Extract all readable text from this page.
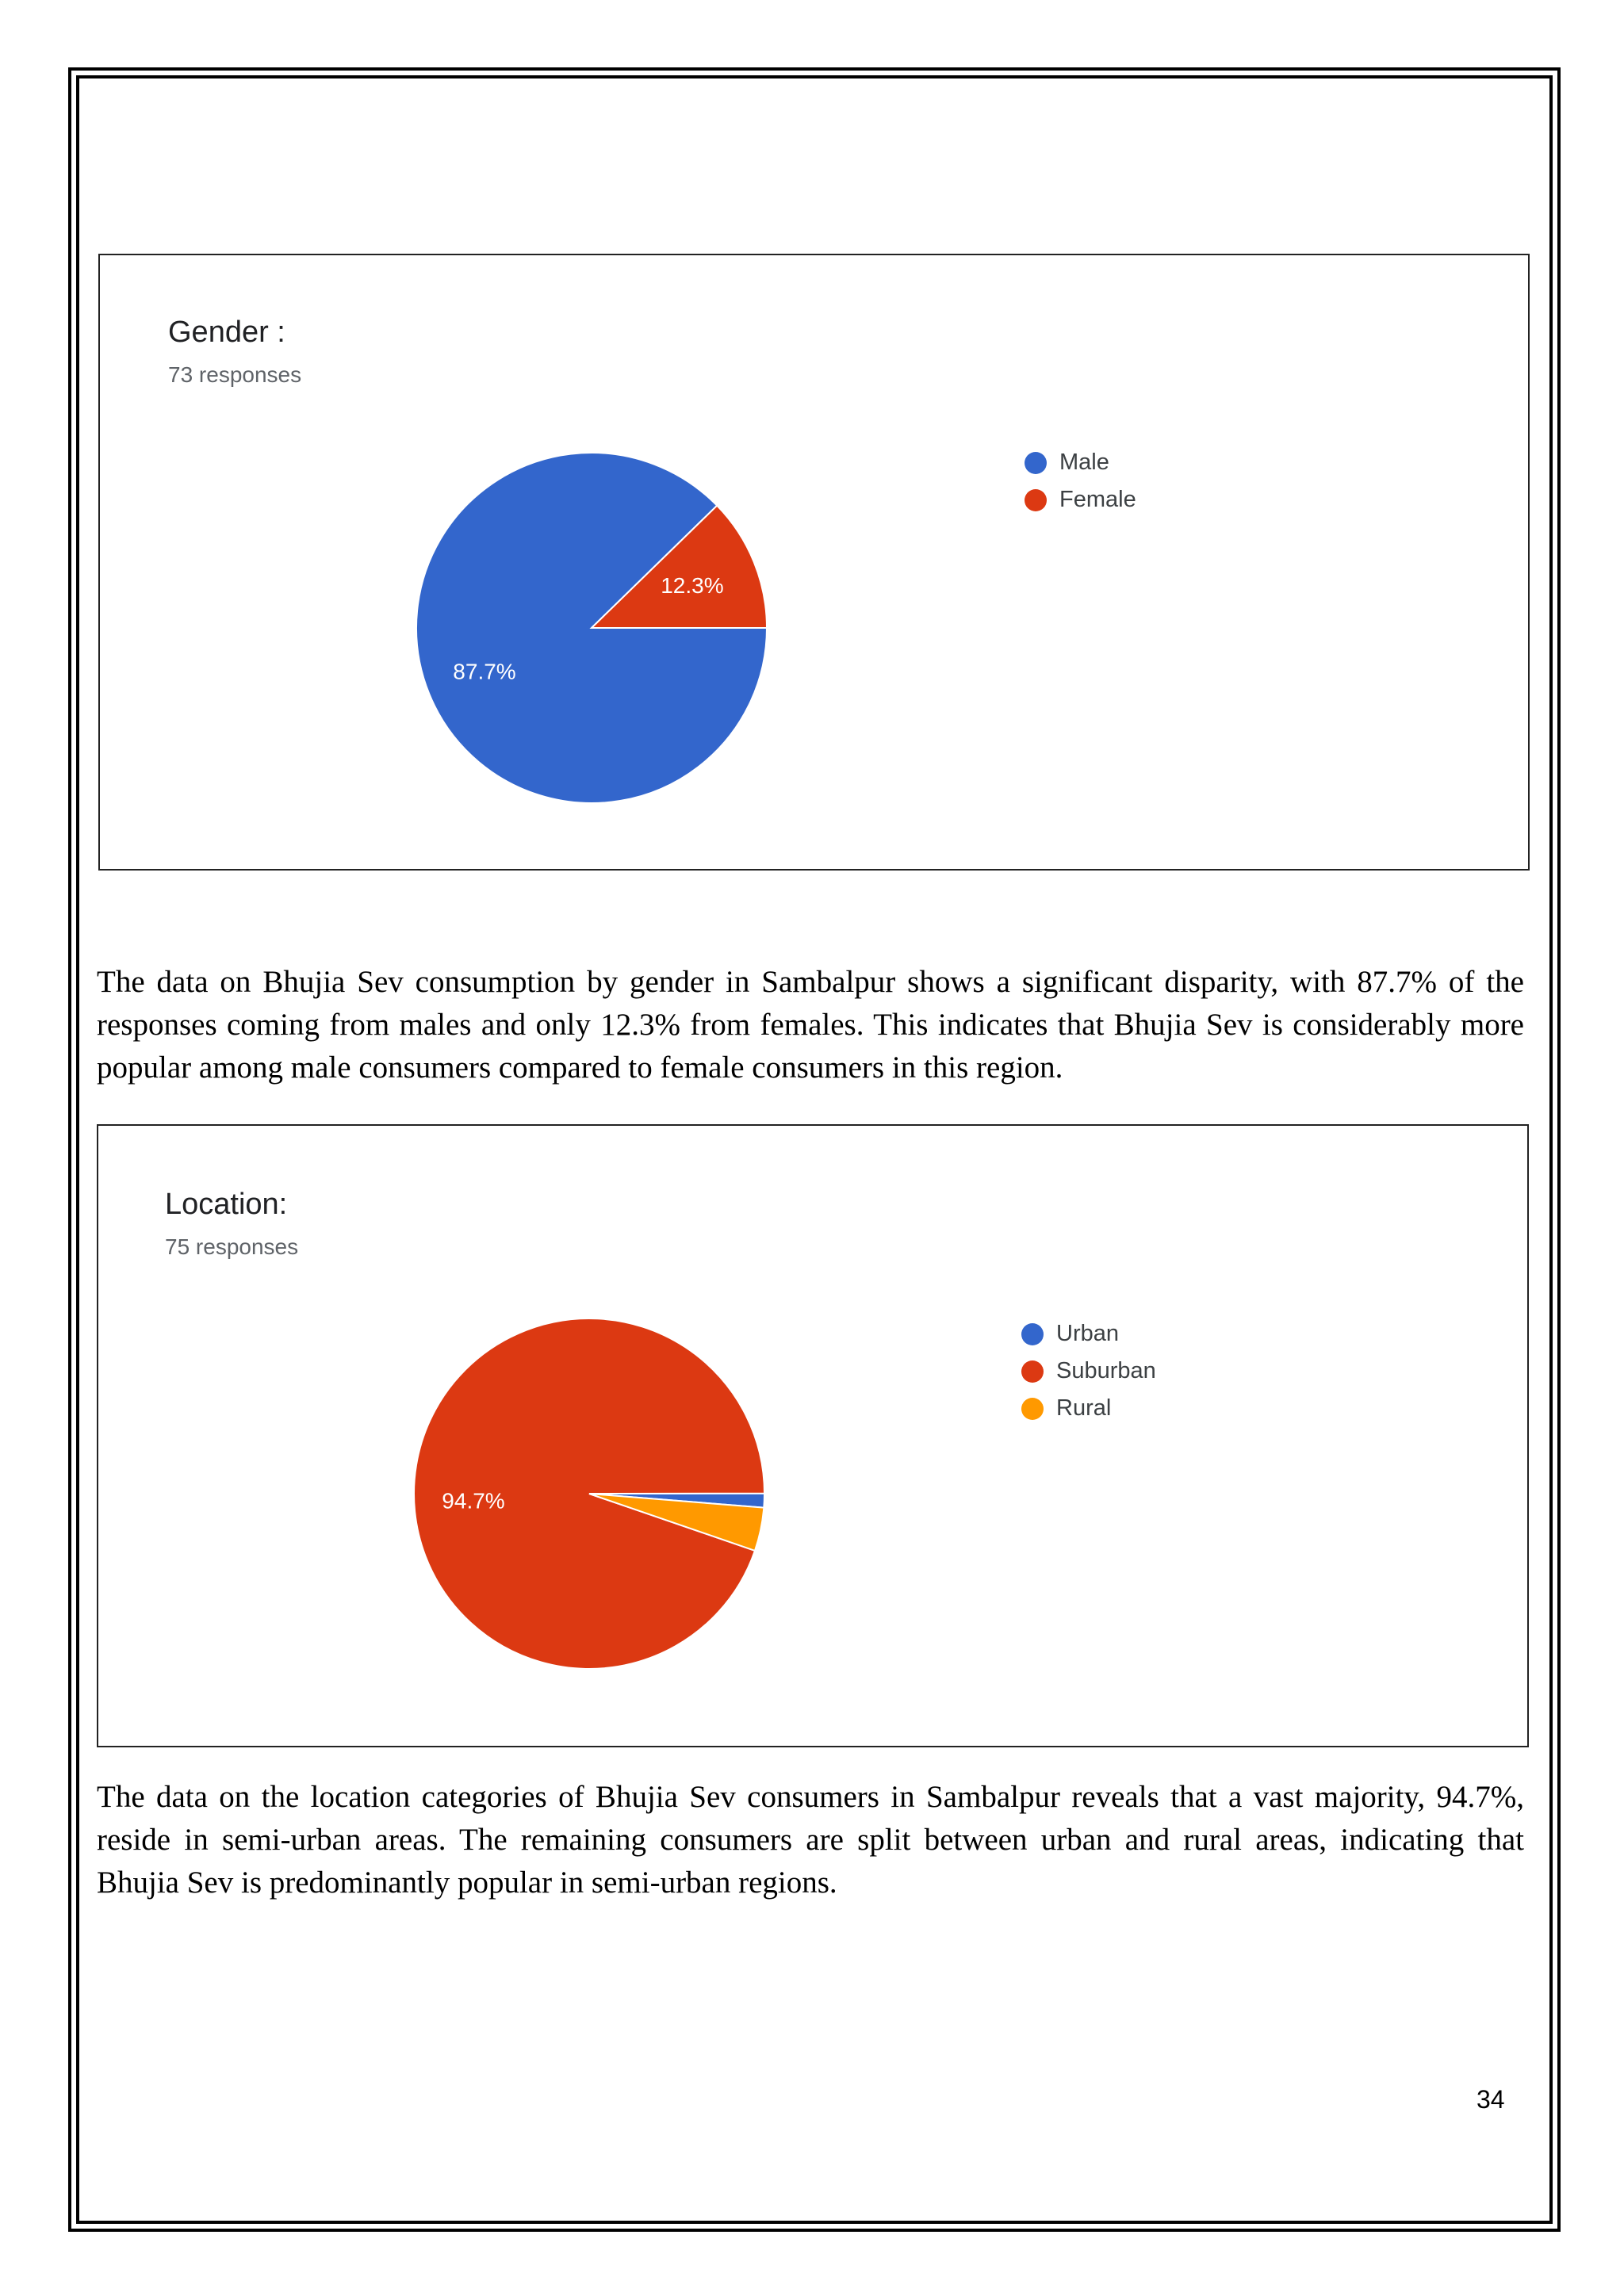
Gender :
73 responses
87.7%
12.3%
Male
Female
The data on Bhujia Sev consumption by gender in Sambalpur shows a significant disparity, with 87.7% of the responses coming from males and only 12.3% from females. This indicates that Bhujia Sev is considerably more popular among male consumers compared to female consumers in this region.
Location:
75 responses
94.7%
Urban
Suburban
Rural
The data on the location categories of Bhujia Sev consumers in Sambalpur reveals that a vast majority, 94.7%, reside in semi-urban areas. The remaining consumers are split between urban and rural areas, indicating that Bhujia Sev is predominantly popular in semi-urban regions.
34
